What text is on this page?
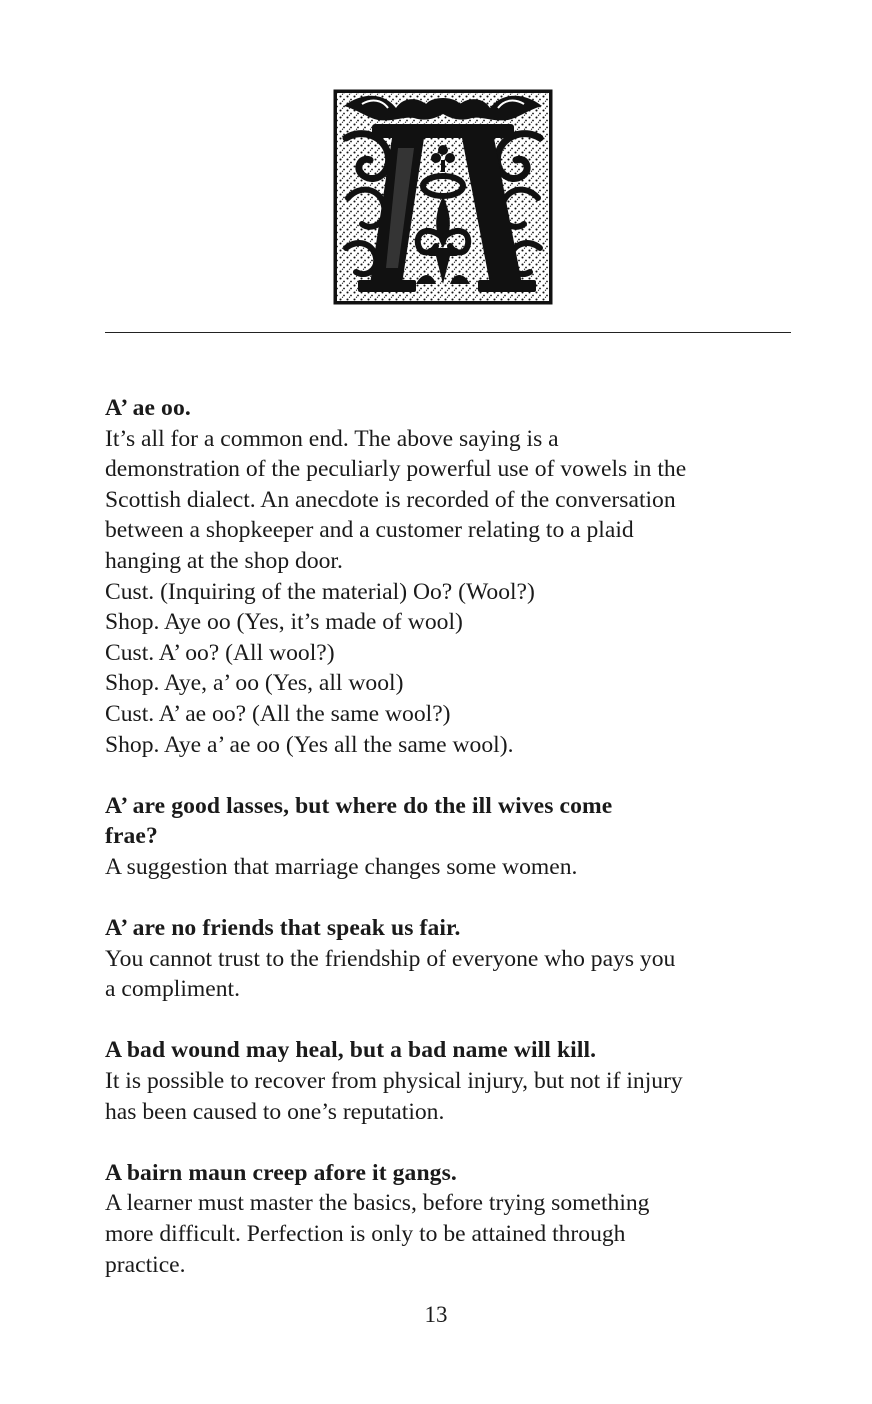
A’ ae oo.
It’s all for a common end. The above saying is a
demonstration of the peculiarly powerful use of vowels in the
Scottish dialect. An anecdote is recorded of the conversation
between a shopkeeper and a customer relating to a plaid
hanging at the shop door.
Cust. (Inquiring of the material) Oo? (Wool?)
Shop. Aye oo (Yes, it’s made of wool)
Cust. A’ oo? (All wool?)
Shop. Aye, a’ oo (Yes, all wool)
Cust. A’ ae oo? (All the same wool?)
Shop. Aye a’ ae oo (Yes all the same wool).
A’ are good lasses, but where do the ill wives come
frae?
A suggestion that marriage changes some women.
A’ are no friends that speak us fair.
You cannot trust to the friendship of everyone who pays you
a compliment.
A bad wound may heal, but a bad name will kill.
It is possible to recover from physical injury, but not if injury
has been caused to one’s reputation.
A bairn maun creep afore it gangs.
A learner must master the basics, before trying something
more difficult. Perfection is only to be attained through
practice.
13
